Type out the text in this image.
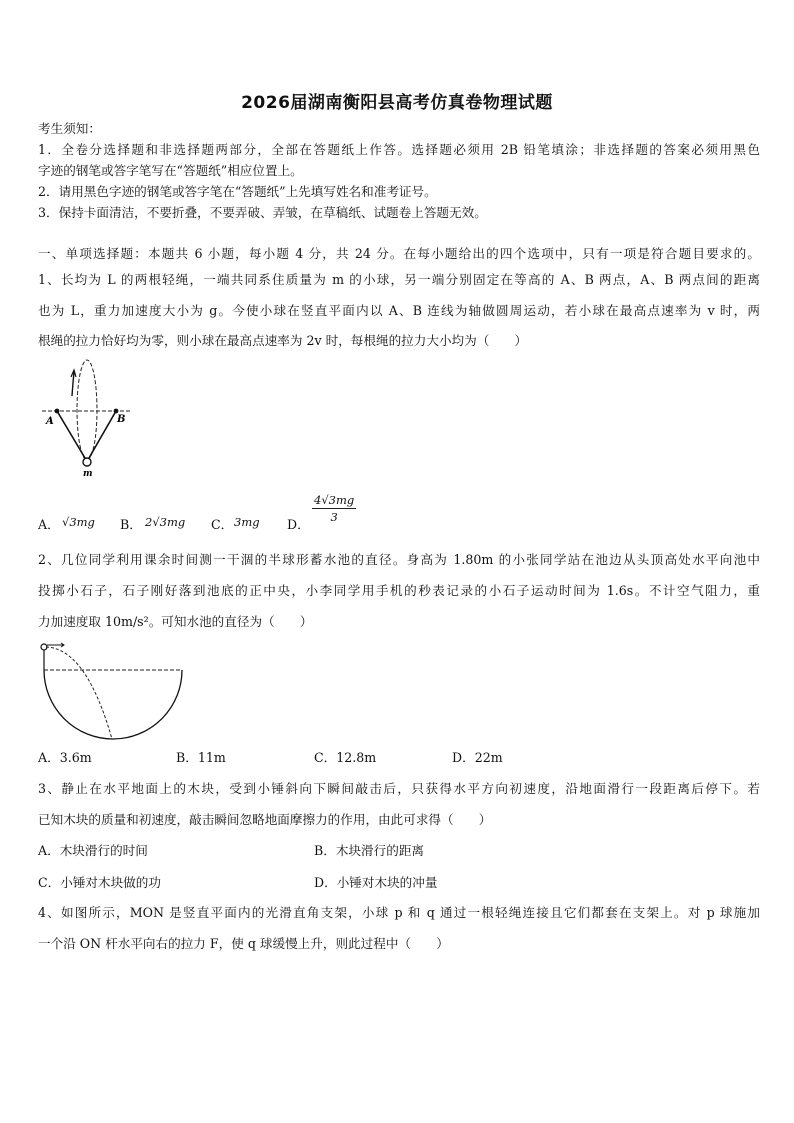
2026届湖南衡阳县高考仿真卷物理试题
考生须知：
1．全卷分选择题和非选择题两部分，全部在答题纸上作答。选择题必须用 2B 铅笔填涂；非选择题的答案必须用黑色
字迹的钢笔或答字笔写在“答题纸”相应位置上。
2．请用黑色字迹的钢笔或答字笔在“答题纸”上先填写姓名和准考证号。
3．保持卡面清洁，不要折叠，不要弄破、弄皱，在草稿纸、试题卷上答题无效。
一、单项选择题：本题共 6 小题，每小题 4 分，共 24 分。在每小题给出的四个选项中，只有一项是符合题目要求的。
1、长均为 L 的两根轻绳，一端共同系住质量为 m 的小球，另一端分别固定在等高的 A、B 两点，A、B 两点间的距离
也为 L，重力加速度大小为 g。今使小球在竖直平面内以 A、B 连线为轴做圆周运动，若小球在最高点速率为 v 时，两
根绳的拉力恰好均为零，则小球在最高点速率为 2v 时，每根绳的拉力大小均为（　　）
A	B
m
A． √3mg B． 2√3mg C． 3mg D．
$\frac{4√3mg}{3}$
2、几位同学利用课余时间测一干涸的半球形蓄水池的直径。身高为 1.80m 的小张同学站在池边从头顶高处水平向池中
投掷小石子，石子刚好落到池底的正中央，小李同学用手机的秒表记录的小石子运动时间为 1.6s。不计空气阻力，重
力加速度取 10m/s²。可知水池的直径为（　　）
A．3.6m	B．11m	C．12.8m	D．22m
3、静止在水平地面上的木块，受到小锤斜向下瞬间敲击后，只获得水平方向初速度，沿地面滑行一段距离后停下。若
已知木块的质量和初速度，敲击瞬间忽略地面摩擦力的作用，由此可求得（　　）
A．木块滑行的时间	B．木块滑行的距离
C．小锤对木块做的功	D．小锤对木块的冲量
4、如图所示，MON 是竖直平面内的光滑直角支架，小球 p 和 q 通过一根轻绳连接且它们都套在支架上。对 p 球施加
一个沿 ON 杆水平向右的拉力 F，使 q 球缓慢上升，则此过程中（　　）
